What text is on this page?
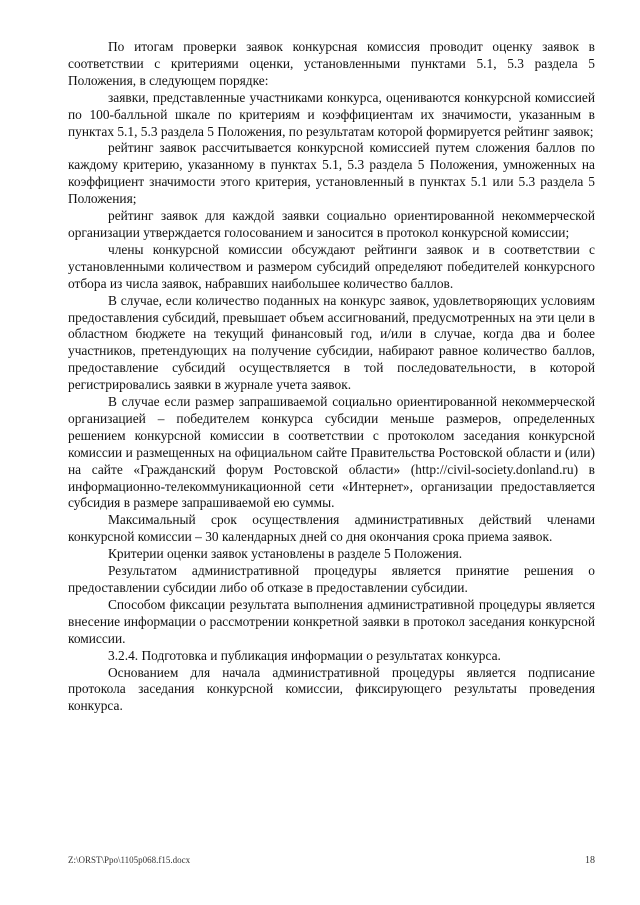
По итогам проверки заявок конкурсная комиссия проводит оценку заявок в соответствии с критериями оценки, установленными пунктами 5.1, 5.3 раздела 5 Положения, в следующем порядке:

заявки, представленные участниками конкурса, оцениваются конкурсной комиссией по 100-балльной шкале по критериям и коэффициентам их значимости, указанным в пунктах 5.1, 5.3 раздела 5 Положения, по результатам которой формируется рейтинг заявок;

рейтинг заявок рассчитывается конкурсной комиссией путем сложения баллов по каждому критерию, указанному в пунктах 5.1, 5.3 раздела 5 Положения, умноженных на коэффициент значимости этого критерия, установленный в пунктах 5.1 или 5.3 раздела 5 Положения;

рейтинг заявок для каждой заявки социально ориентированной некоммерческой организации утверждается голосованием и заносится в протокол конкурсной комиссии;

члены конкурсной комиссии обсуждают рейтинги заявок и в соответствии с установленными количеством и размером субсидий определяют победителей конкурсного отбора из числа заявок, набравших наибольшее количество баллов.

В случае, если количество поданных на конкурс заявок, удовлетворяющих условиям предоставления субсидий, превышает объем ассигнований, предусмотренных на эти цели в областном бюджете на текущий финансовый год, и/или в случае, когда два и более участников, претендующих на получение субсидии, набирают равное количество баллов, предоставление субсидий осуществляется в той последовательности, в которой регистрировались заявки в журнале учета заявок.

В случае если размер запрашиваемой социально ориентированной некоммерческой организацией – победителем конкурса субсидии меньше размеров, определенных решением конкурсной комиссии в соответствии с протоколом заседания конкурсной комиссии и размещенных на официальном сайте Правительства Ростовской области и (или) на сайте «Гражданский форум Ростовской области» (http://civil-society.donland.ru) в информационно-телекоммуникационной сети «Интернет», организации предоставляется субсидия в размере запрашиваемой ею суммы.

Максимальный срок осуществления административных действий членами конкурсной комиссии – 30 календарных дней со дня окончания срока приема заявок.

Критерии оценки заявок установлены в разделе 5 Положения.

Результатом административной процедуры является принятие решения о предоставлении субсидии либо об отказе в предоставлении субсидии.

Способом фиксации результата выполнения административной процедуры является внесение информации о рассмотрении конкретной заявки в протокол заседания конкурсной комиссии.

3.2.4. Подготовка и публикация информации о результатах конкурса.

Основанием для начала административной процедуры является подписание протокола заседания конкурсной комиссии, фиксирующего результаты проведения конкурса.

Z:\ORST\Ppo\1105p068.f15.docx	18
